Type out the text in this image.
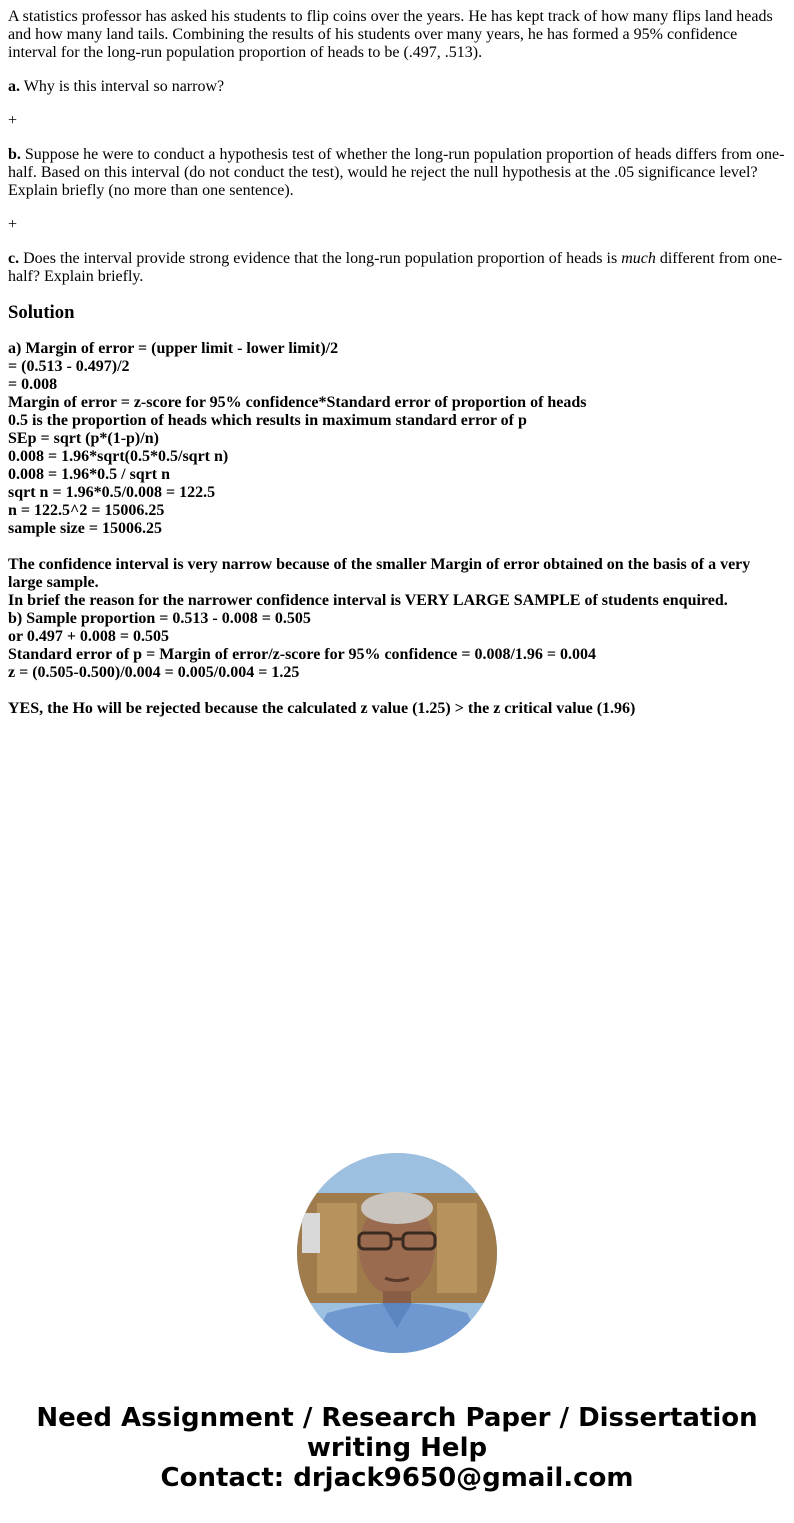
A statistics professor has asked his students to flip coins over the years. He has kept track of how many flips land heads and how many land tails. Combining the results of his students over many years, he has formed a 95% confidence interval for the long-run population proportion of heads to be (.497, .513).

a. Why is this interval so narrow?

+

b. Suppose he were to conduct a hypothesis test of whether the long-run population proportion of heads differs from one-half. Based on this interval (do not conduct the test), would he reject the null hypothesis at the .05 significance level? Explain briefly (no more than one sentence).

+

c. Does the interval provide strong evidence that the long-run population proportion of heads is much different from one-half? Explain briefly.

Solution
a) Margin of error = (upper limit - lower limit)/2
= (0.513 - 0.497)/2
= 0.008
Margin of error = z-score for 95% confidence*Standard error of proportion of heads
0.5 is the proportion of heads which results in maximum standard error of p
SEp = sqrt (p*(1-p)/n)
0.008 = 1.96*sqrt(0.5*0.5/sqrt n)
0.008 = 1.96*0.5 / sqrt n
sqrt n = 1.96*0.5/0.008 = 122.5
n = 122.5^2 = 15006.25
sample size = 15006.25
The confidence interval is very narrow because of the smaller Margin of error obtained on the basis of a very large sample.
In brief the reason for the narrower confidence interval is VERY LARGE SAMPLE of students enquired.
b) Sample proportion = 0.513 - 0.008 = 0.505
or 0.497 + 0.008 = 0.505
Standard error of p = Margin of error/z-score for 95% confidence = 0.008/1.96 = 0.004
z = (0.505-0.500)/0.004 = 0.005/0.004 = 1.25
YES, the Ho will be rejected because the calculated z value (1.25) > the z critical value (1.96)
Need Assignment / Research Paper / Dissertation
writing Help
Contact: drjack9650@gmail.com
